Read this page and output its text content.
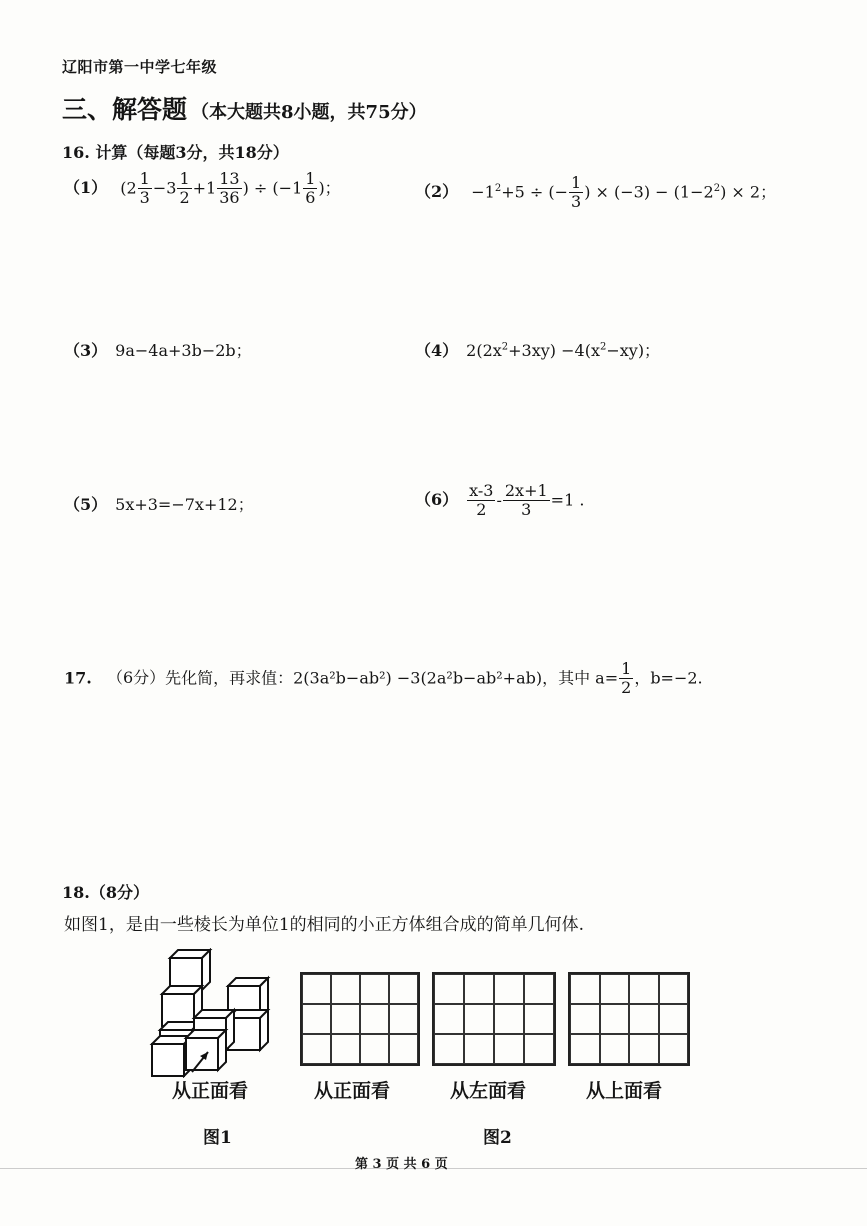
辽阳市第一中学七年级
三、解答题 （本大题共8小题，共75分）
16. 计算（每题3分，共18分）
（1） ($2 \frac{1}{3} -3 \frac{1}{2} +1 \frac{13}{36}$ ) ÷ ($-1 \frac{1}{6}$ )；	$(2) -1^2+5$ ÷ (− $\frac{1}{3}$ ) × $(-3) - (1-2^2) \times 2$；
（3） 9a−4a+3b−2b；	（4） $2(2x^2+3xy) -4(x^2-xy)$；
（5） 5x+3=−7x+12；	$(6) \frac{x-3}{2} - \frac{2x+1}{3} =1$ .
17. （6分）先化简，再求值：2(3a²b−ab²) −3(2a²b−ab²+ab)，其中 $a= \frac{1}{2}$ ，b=−2.
18.（8分）
如图1，是由一些棱长为单位1的相同的小正方体组合成的简单几何体.
从正面看
图1
从正面看	从左面看	从上面看
图2
第 3 页 共 6 页
